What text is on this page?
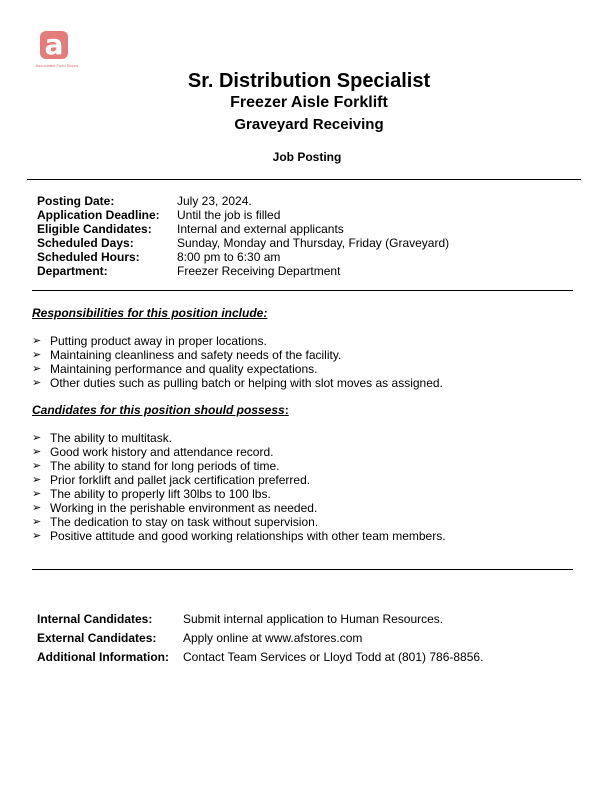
a
Associated Food Stores
Sr. Distribution Specialist
Freezer Aisle Forklift
Graveyard Receiving
Job Posting
Posting Date:	July 23, 2024.
Application Deadline:	Until the job is filled
Eligible Candidates:	Internal and external applicants
Scheduled Days:	Sunday, Monday and Thursday, Friday (Graveyard)
Scheduled Hours:	8:00 pm to 6:30 am
Department:	Freezer Receiving Department
Responsibilities for this position include:
➢ Putting product away in proper locations.
➢ Maintaining cleanliness and safety needs of the facility.
➢ Maintaining performance and quality expectations.
➢ Other duties such as pulling batch or helping with slot moves as assigned.
Candidates for this position should possess:
➢ The ability to multitask.
➢ Good work history and attendance record.
➢ The ability to stand for long periods of time.
➢ Prior forklift and pallet jack certification preferred.
➢ The ability to properly lift 30lbs to 100 lbs.
➢ Working in the perishable environment as needed.
➢ The dedication to stay on task without supervision.
➢ Positive attitude and good working relationships with other team members.
Internal Candidates:	Submit internal application to Human Resources.
External Candidates:	Apply online at www.afstores.com
Additional Information:	Contact Team Services or Lloyd Todd at (801) 786-8856.
